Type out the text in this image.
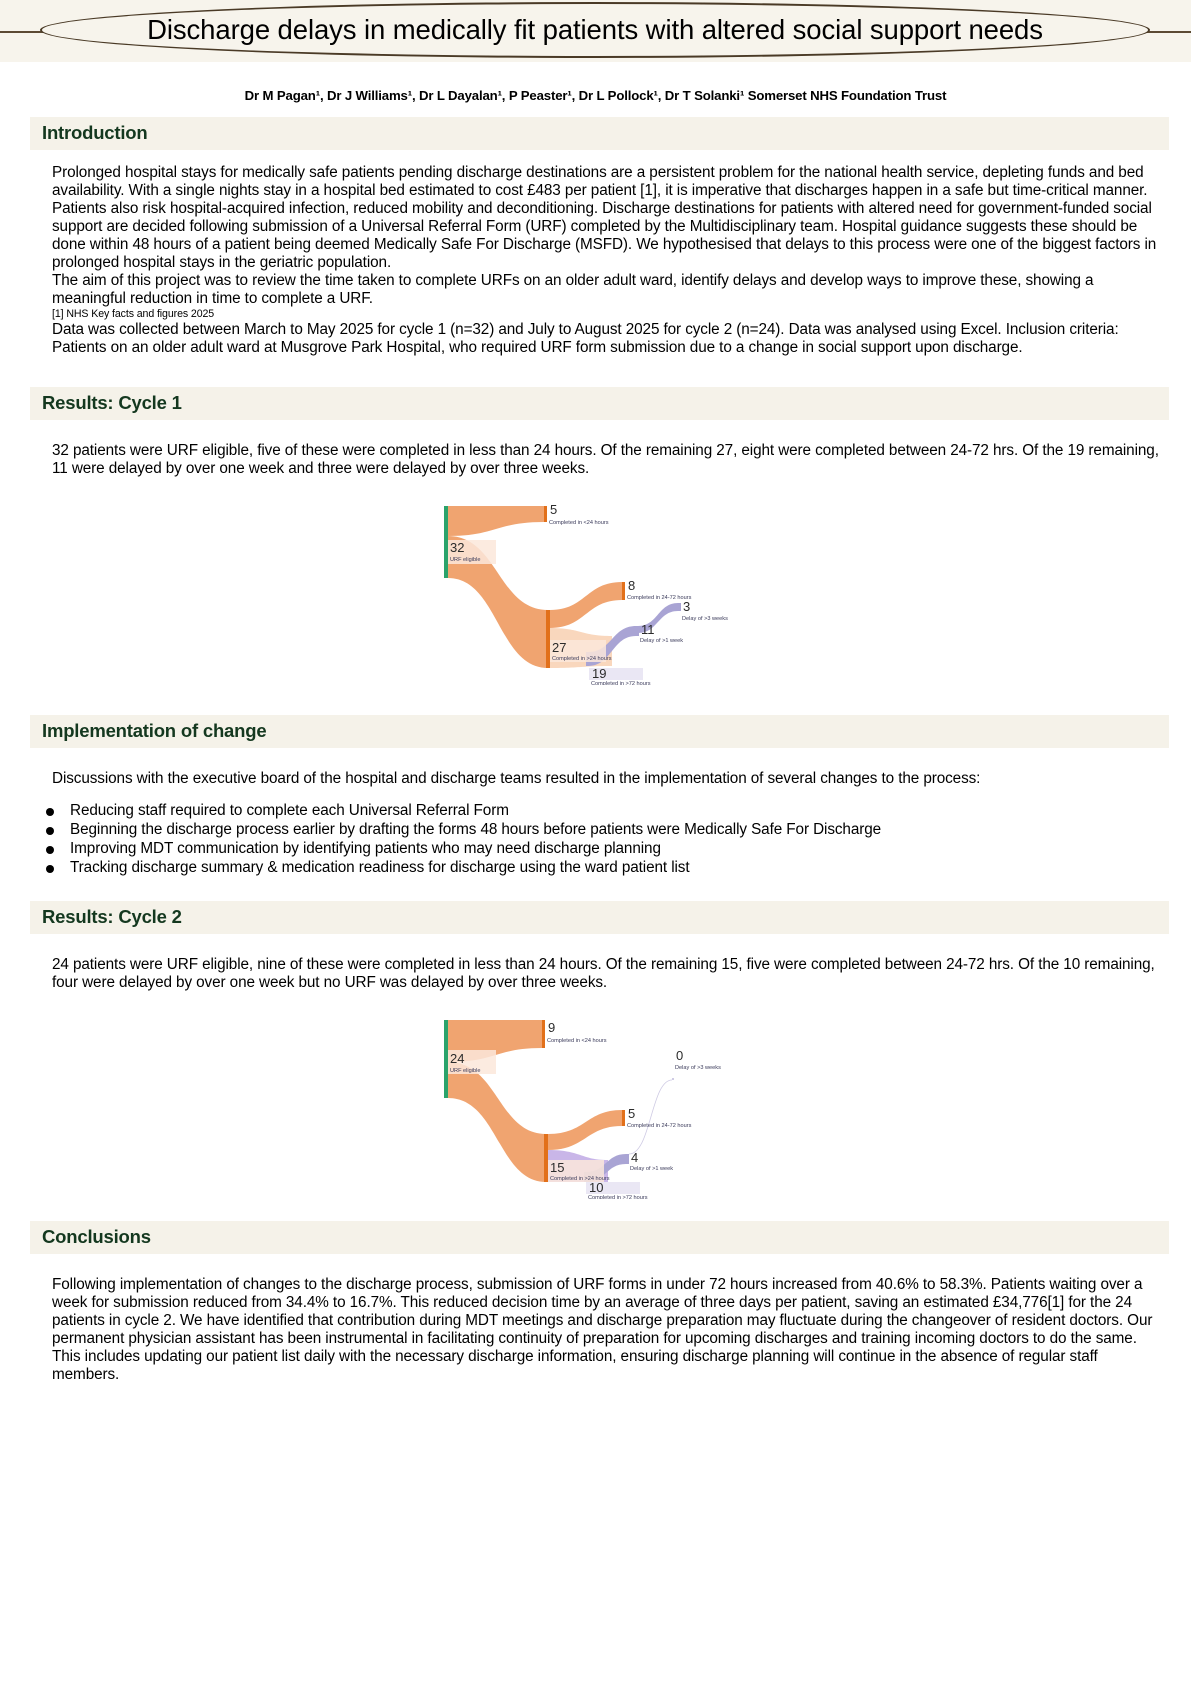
Discharge delays in medically fit patients with altered social support needs
Dr M Pagan¹, Dr J Williams¹, Dr L Dayalan¹, P Peaster¹, Dr L Pollock¹, Dr T Solanki¹ Somerset NHS Foundation Trust
Introduction

Prolonged hospital stays for medically safe patients pending discharge destinations are a persistent problem for the national health service, depleting funds and bed availability. With a single nights stay in a hospital bed estimated to cost £483 per patient [1], it is imperative that discharges happen in a safe but time-critical manner. Patients also risk hospital-acquired infection, reduced mobility and deconditioning. Discharge destinations for patients with altered need for government-funded social support are decided following submission of a Universal Referral Form (URF) completed by the Multidisciplinary team. Hospital guidance suggests these should be done within 48 hours of a patient being deemed Medically Safe For Discharge (MSFD). We hypothesised that delays to this process were one of the biggest factors in prolonged hospital stays in the geriatric population.

The aim of this project was to review the time taken to complete URFs on an older adult ward, identify delays and develop ways to improve these, showing a meaningful reduction in time to complete a URF.

[1] NHS Key facts and figures 2025

Data was collected between March to May 2025 for cycle 1 (n=32) and July to August 2025 for cycle 2 (n=24). Data was analysed using Excel. Inclusion criteria: Patients on an older adult ward at Musgrove Park Hospital, who required URF form submission due to a change in social support upon discharge.

Results: Cycle 1

32 patients were URF eligible, five of these were completed in less than 24 hours. Of the remaining 27, eight were completed between 24-72 hrs. Of the 19 remaining, 11 were delayed by over one week and three were delayed by over three weeks.

32
5
27
8
19
11
3
URF eligible
Completed in <24 hours
Completed in >24 hours
Completed in 24-72 hours
Completed in >72 hours
Delay of >1 week
Delay of >3 weeks
Implementation of change

Discussions with the executive board of the hospital and discharge teams resulted in the implementation of several changes to the process:

Reducing staff required to complete each Universal Referral Form
Beginning the discharge process earlier by drafting the forms 48 hours before patients were Medically Safe For Discharge
Improving MDT communication by identifying patients who may need discharge planning
Tracking discharge summary & medication readiness for discharge using the ward patient list
Results: Cycle 2

24 patients were URF eligible, nine of these were completed in less than 24 hours. Of the remaining 15, five were completed between 24-72 hrs. Of the 10 remaining, four were delayed by over one week but no URF was delayed by over three weeks.

24
9
15
5
10
4
0
URF eligible
Completed in <24 hours
Completed in >24 hours
Completed in 24-72 hours
Completed in >72 hours
Delay of >1 week
Delay of >3 weeks
Conclusions

Following implementation of changes to the discharge process, submission of URF forms in under 72 hours increased from 40.6% to 58.3%. Patients waiting over a week for submission reduced from 34.4% to 16.7%. This reduced decision time by an average of three days per patient, saving an estimated £34,776[1] for the 24 patients in cycle 2. We have identified that contribution during MDT meetings and discharge preparation may fluctuate during the changeover of resident doctors. Our permanent physician assistant has been instrumental in facilitating continuity of preparation for upcoming discharges and training incoming doctors to do the same. This includes updating our patient list daily with the necessary discharge information, ensuring discharge planning will continue in the absence of regular staff members.
